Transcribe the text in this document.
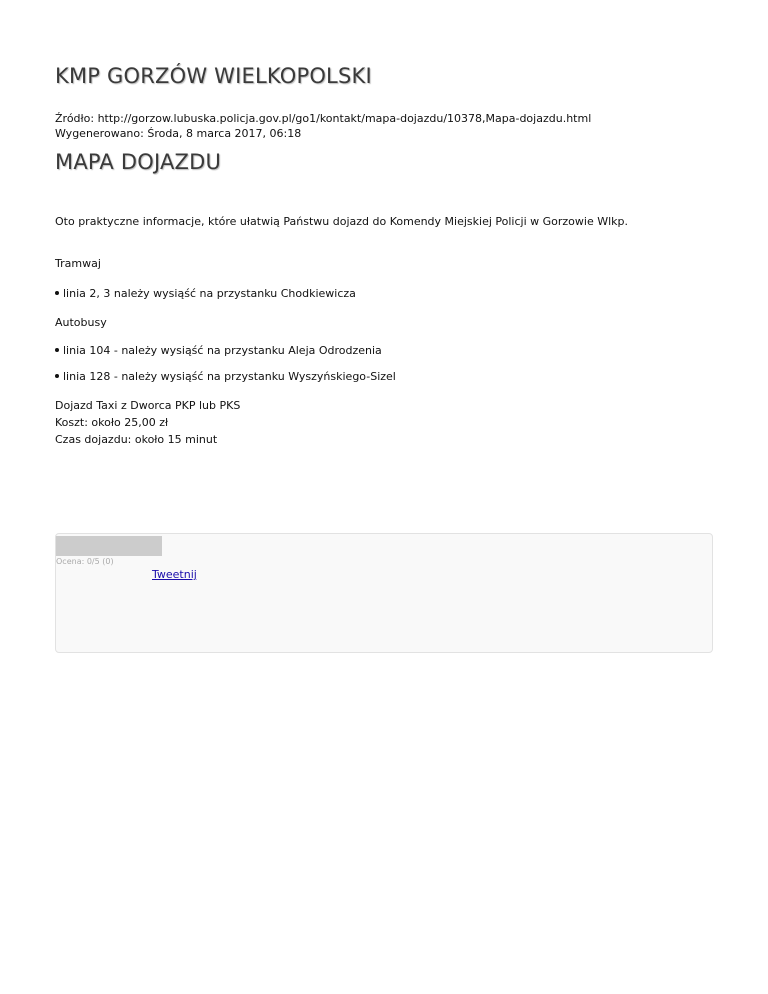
KMP GORZÓW WIELKOPOLSKI
Źródło: http://gorzow.lubuska.policja.gov.pl/go1/kontakt/mapa-dojazdu/10378,Mapa-dojazdu.html
Wygenerowano: Środa, 8 marca 2017, 06:18
MAPA DOJAZDU

Oto praktyczne informacje, które ułatwią Państwu dojazd do Komendy Miejskiej Policji w Gorzowie Wlkp.

Tramwaj

linia 2, 3 należy wysiąść na przystanku Chodkiewicza

Autobusy

linia 104 - należy wysiąść na przystanku Aleja Odrodzenia
linia 128 - należy wysiąść na przystanku Wyszyńskiego-Sizel

Dojazd Taxi z Dworca PKP lub PKS

Koszt: około 25,00 zł

Czas dojazdu: około 15 minut

Ocena: 0/5 (0)
Tweetnij
